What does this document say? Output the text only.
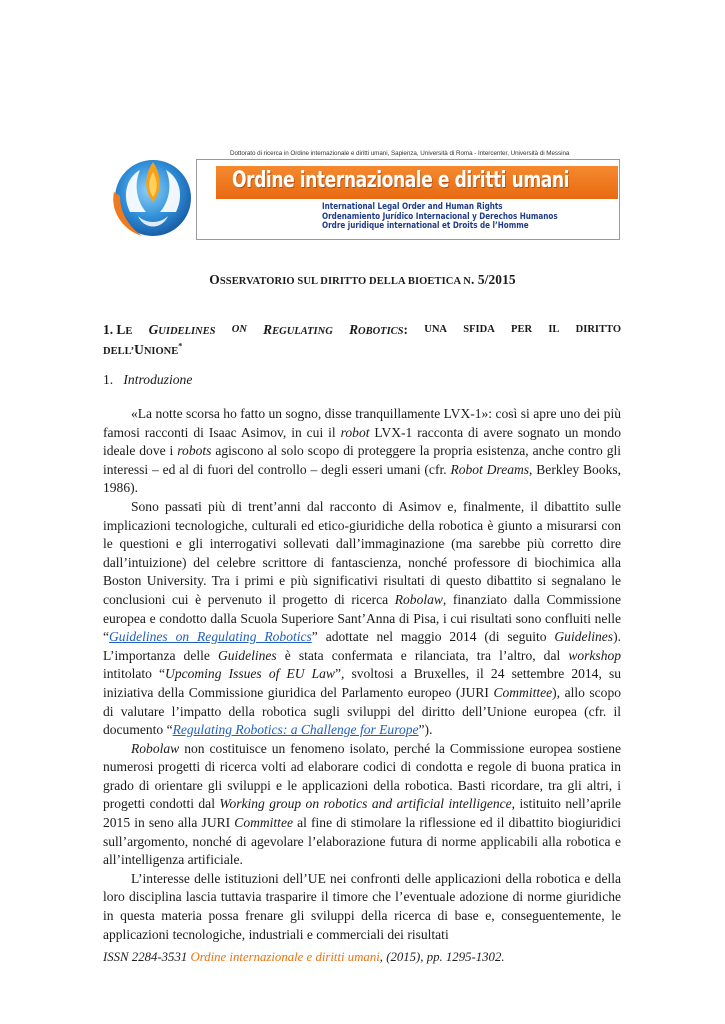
Dottorato di ricerca in Ordine internazionale e diritti umani, Sapienza, Università di Roma - Intercenter, Università di Messina
Ordine internazionale e diritti umani
International Legal Order and Human Rights
Ordenamiento Jurídico Internacional y Derechos Humanos
Ordre juridique international et Droits de l’Homme
OSSERVATORIO SUL DIRITTO DELLA BIOETICA N. 5/2015
1. LE GUIDELINES ON REGULATING ROBOTICS: UNA SFIDA PER IL DIRITTO
DELL’UNIONE*
1. Introduzione

«La notte scorsa ho fatto un sogno, disse tranquillamente LVX-1»: così si apre uno dei più famosi racconti di Isaac Asimov, in cui il robot LVX-1 racconta di avere sognato un mondo ideale dove i robots agiscono al solo scopo di proteggere la propria esistenza, anche contro gli interessi – ed al di fuori del controllo – degli esseri umani (cfr. Robot Dreams, Berkley Books, 1986).

Sono passati più di trent’anni dal racconto di Asimov e, finalmente, il dibattito sulle implicazioni tecnologiche, culturali ed etico-giuridiche della robotica è giunto a misurarsi con le questioni e gli interrogativi sollevati dall’immaginazione (ma sarebbe più corretto dire dall’intuizione) del celebre scrittore di fantascienza, nonché professore di biochimica alla Boston University. Tra i primi e più significativi risultati di questo dibattito si segnalano le conclusioni cui è pervenuto il progetto di ricerca Robolaw, finanziato dalla Commissione europea e condotto dalla Scuola Superiore Sant’Anna di Pisa, i cui risultati sono confluiti nelle “Guidelines on Regulating Robotics” adottate nel maggio 2014 (di seguito Guidelines). L’importanza delle Guidelines è stata confermata e rilanciata, tra l’altro, dal workshop intitolato “Upcoming Issues of EU Law”, svoltosi a Bruxelles, il 24 settembre 2014, su iniziativa della Commissione giuridica del Parlamento europeo (JURI Committee), allo scopo di valutare l’impatto della robotica sugli sviluppi del diritto dell’Unione europea (cfr. il documento “Regulating Robotics: a Challenge for Europe”).

Robolaw non costituisce un fenomeno isolato, perché la Commissione europea sostiene numerosi progetti di ricerca volti ad elaborare codici di condotta e regole di buona pratica in grado di orientare gli sviluppi e le applicazioni della robotica. Basti ricordare, tra gli altri, i progetti condotti dal Working group on robotics and artificial intelligence, istituito nell’aprile 2015 in seno alla JURI Committee al fine di stimolare la riflessione ed il dibattito biogiuridici sull’argomento, nonché di agevolare l’elaborazione futura di norme applicabili alla robotica e all’intelligenza artificiale.

L’interesse delle istituzioni dell’UE nei confronti delle applicazioni della robotica e della loro disciplina lascia tuttavia trasparire il timore che l’eventuale adozione di norme giuridiche in questa materia possa frenare gli sviluppi della ricerca di base e, conseguentemente, le applicazioni tecnologiche, industriali e commerciali dei risultati

ISSN 2284-3531 Ordine internazionale e diritti umani, (2015), pp. 1295-1302.
